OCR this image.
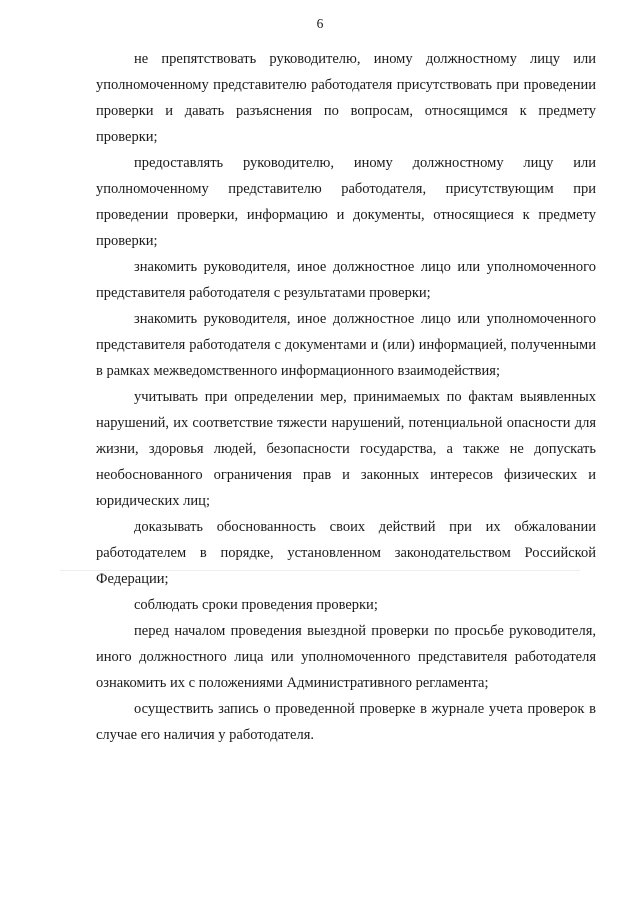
6

не препятствовать руководителю, иному должностному лицу или уполномоченному представителю работодателя присутствовать при проведении проверки и давать разъяснения по вопросам, относящимся к предмету проверки;

предоставлять руководителю, иному должностному лицу или уполномоченному представителю работодателя, присутствующим при проведении проверки, информацию и документы, относящиеся к предмету проверки;

знакомить руководителя, иное должностное лицо или уполномоченного представителя работодателя с результатами проверки;

знакомить руководителя, иное должностное лицо или уполномоченного представителя работодателя с документами и (или) информацией, полученными в рамках межведомственного информационного взаимодействия;

учитывать при определении мер, принимаемых по фактам выявленных нарушений, их соответствие тяжести нарушений, потенциальной опасности для жизни, здоровья людей, безопасности государства, а также не допускать необоснованного ограничения прав и законных интересов физических и юридических лиц;

доказывать обоснованность своих действий при их обжаловании работодателем в порядке, установленном законодательством Российской Федерации;

соблюдать сроки проведения проверки;

перед началом проведения выездной проверки по просьбе руководителя, иного должностного лица или уполномоченного представителя работодателя ознакомить их с положениями Административного регламента;

осуществить запись о проведенной проверке в журнале учета проверок в случае его наличия у работодателя.
